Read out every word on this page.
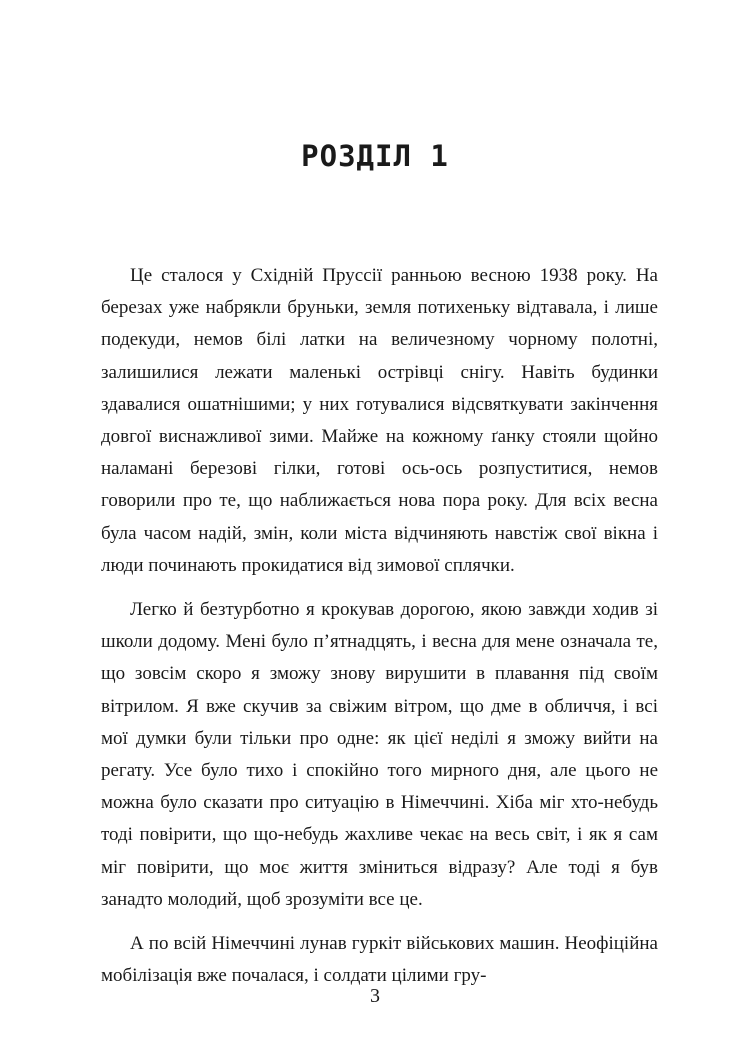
РОЗДІЛ 1

Це сталося у Східній Пруссії ранньою весною 1938 року. На березах уже набрякли бруньки, земля потихеньку відтавала, і лише подекуди, немов білі латки на величезному чорному полотні, залишилися лежати маленькі острівці снігу. Навіть будинки здавалися ошатнішими; у них готувалися відсвяткувати закінчення довгої виснажливої зими. Майже на кожному ґанку стояли щойно наламані березові гілки, готові ось-ось розпуститися, немов говорили про те, що наближається нова пора року. Для всіх весна була часом надій, змін, коли міста відчиняють навстіж свої вікна і люди починають прокидатися від зимової сплячки.

Легко й безтурботно я крокував дорогою, якою завжди ходив зі школи додому. Мені було п’ятнадцять, і весна для мене означала те, що зовсім скоро я зможу знову вирушити в плавання під своїм вітрилом. Я вже скучив за свіжим вітром, що дме в обличчя, і всі мої думки були тільки про одне: як цієї неділі я зможу вийти на регату. Усе було тихо і спокійно того мирного дня, але цього не можна було сказати про ситуацію в Німеччині. Хіба міг хто-небудь тоді повірити, що що-небудь жахливе чекає на весь світ, і як я сам міг повірити, що моє життя зміниться відразу? Але тоді я був занадто молодий, щоб зрозуміти все це.

А по всій Німеччині лунав гуркіт військових машин. Неофіційна мобілізація вже почалася, і солдати цілими гру-

3
